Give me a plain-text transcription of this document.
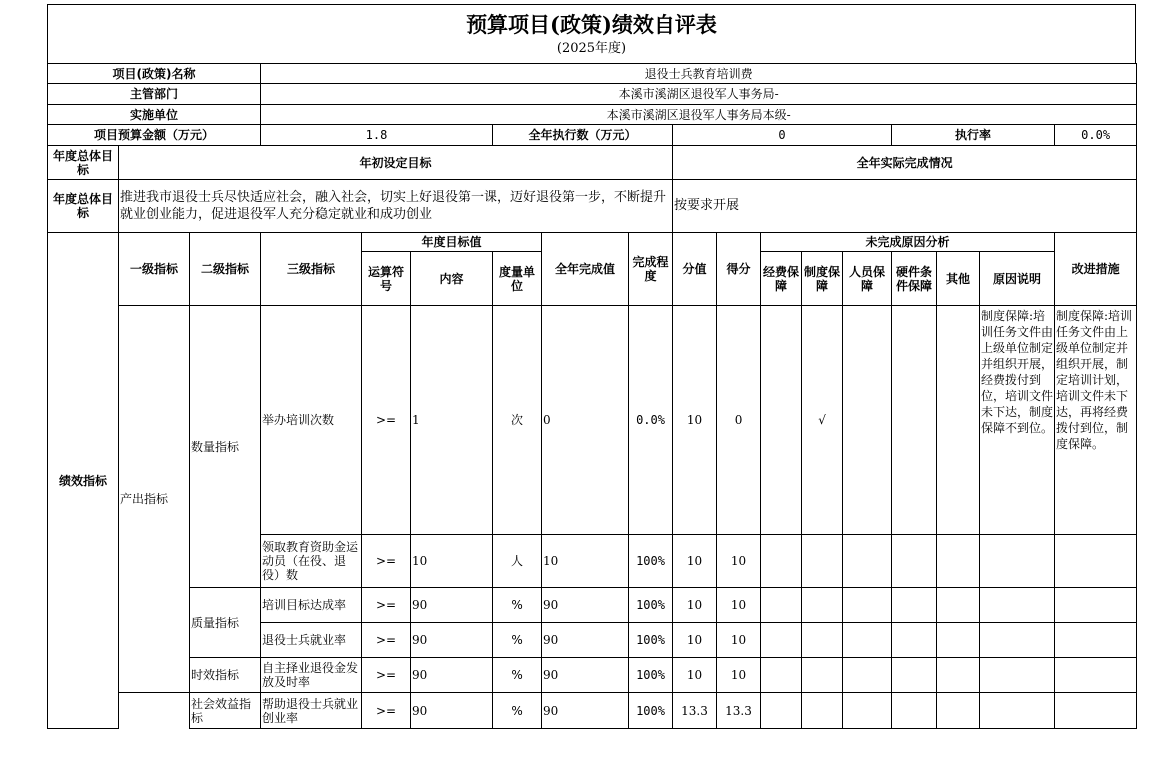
预算项目(政策)绩效自评表
(2025年度)
项目(政策)名称			退役士兵教育培训费														
主管部门			本溪市溪湖区退役军人事务局-														
实施单位			本溪市溪湖区退役军人事务局本级-														
项目预算金额（万元）			1.8			全年执行数（万元）			0					执行率			0.0%
年度总体目标	年初设定目标								全年实际完成情况								
年度总体目标	推进我市退役士兵尽快适应社会，融入社会，切实上好退役第一课，迈好退役第一步，不断提升就业创业能力，促进退役军人充分稳定就业和成功创业								按要求开展								
绩效指标	一级指标	二级指标	三级指标	年度目标值			全年完成值	完成程度	分值	得分	未完成原因分析						改进措施
				运算符号	内容	度量单位					经费保障	制度保障	人员保障	硬件条件保障	其他	原因说明	
	产出指标	数量指标	举办培训次数	>=	1	次	0	0.0%	10	0		√				制度保障:培训任务文件由上级单位制定并组织开展，经费拨付到位，培训文件未下达，制度保障不到位。	制度保障:培训任务文件由上级单位制定并组织开展，制定培训计划，培训文件未下达，再将经费拨付到位，制度保障。
			领取教育资助金运动员（在役、退役）数	>=	10	人	10	100%	10	10							
		质量指标	培训目标达成率	>=	90	%	90	100%	10	10							
			退役士兵就业率	>=	90	%	90	100%	10	10							
		时效指标	自主择业退役金发放及时率	>=	90	%	90	100%	10	10							
		社会效益指标	帮助退役士兵就业创业率	>=	90	%	90	100%	13.3	13.3							
